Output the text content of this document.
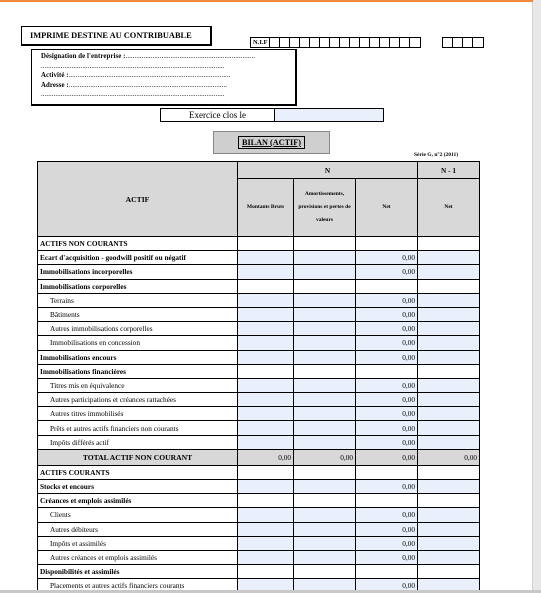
IMPRIME DESTINE AU CONTRIBUABLE
N.I.F
Désignation de l'entreprise :........................................................................
......................................................................................................
Activité :..........................................................................................
Adresse :........................................................................................
......................................................................................................
Exercice clos le
BILAN (ACTIF)
Série G, n°2 (2011)
ACTIF	N			N - 1
	Montants Bruts	Amortissements, provisions et pertes de valeurs	Net	Net
ACTIFS NON COURANTS				
Ecart d'acquisition - goodwill positif ou négatif			0,00	
Immobilisations incorporelles			0,00	
Immobilisations corporelles				
Terrains			0,00	
Bâtiments			0,00	
Autres immobilisations corporelles			0,00	
Immobilisations en concession			0,00	
Immobilisations encours			0,00	
Immobilisations financières				
Titres mis en équivalence			0,00	
Autres participations et créances rattachées			0,00	
Autres titres immobilisés			0,00	
Prêts et autres actifs financiers non courants			0,00	
Impôts différés actif			0,00	
TOTAL ACTIF NON COURANT	0,00	0,00	0,00	0,00
ACTIFS COURANTS				
Stocks et encours			0,00	
Créances et emplois assimilés				
Clients			0,00	
Autres débiteurs			0,00	
Impôts et assimilés			0,00	
Autres créances et emplois assimilés			0,00	
Disponibilités et assimilés				
Placements et autres actifs financiers courants			0,00	
